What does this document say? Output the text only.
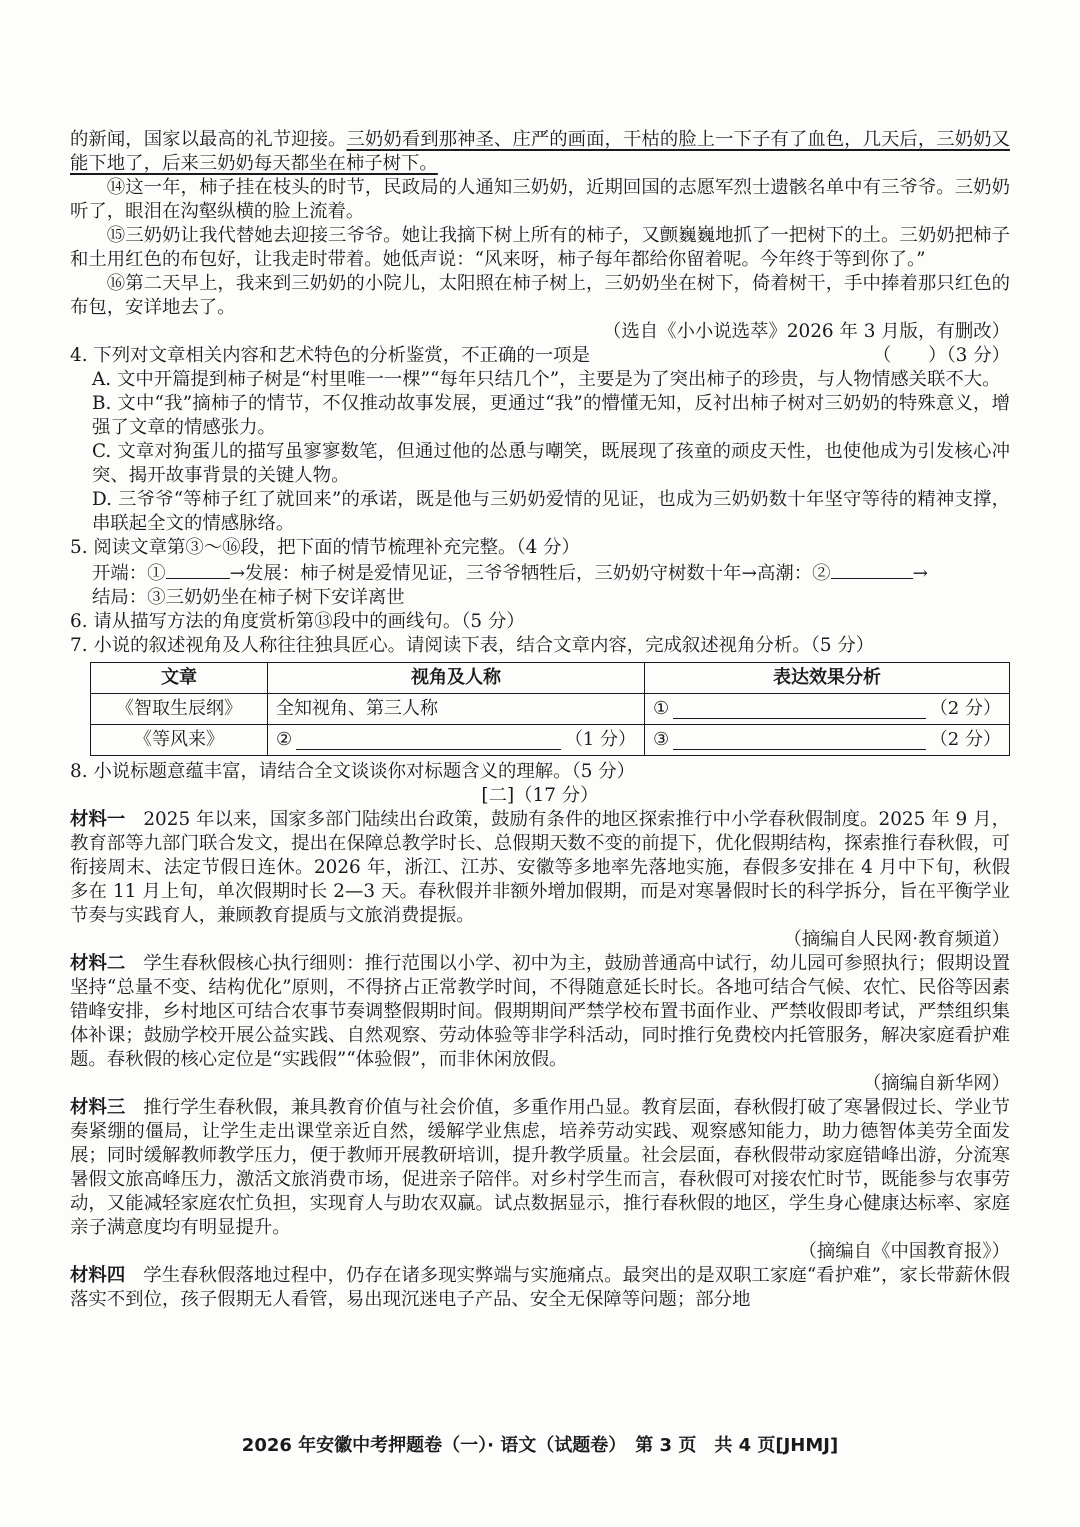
的新闻，国家以最高的礼节迎接。三奶奶看到那神圣、庄严的画面，干枯的脸上一下子有了血色，几天后，三奶奶又能下地了，后来三奶奶每天都坐在柿子树下。

⑭这一年，柿子挂在枝头的时节，民政局的人通知三奶奶，近期回国的志愿军烈士遗骸名单中有三爷爷。三奶奶听了，眼泪在沟壑纵横的脸上流着。

⑮三奶奶让我代替她去迎接三爷爷。她让我摘下树上所有的柿子，又颤巍巍地抓了一把树下的土。三奶奶把柿子和土用红色的布包好，让我走时带着。她低声说：“风来呀，柿子每年都给你留着呢。今年终于等到你了。”

⑯第二天早上，我来到三奶奶的小院儿，太阳照在柿子树上，三奶奶坐在树下，倚着树干，手中捧着那只红色的布包，安详地去了。

（选自《小小说选萃》2026 年 3 月版，有删改）

4. 下列对文章相关内容和艺术特色的分析鉴赏，不正确的一项是	（　　）（3 分）

A. 文中开篇提到柿子树是“村里唯一一棵”“每年只结几个”，主要是为了突出柿子的珍贵，与人物情感关联不大。

B. 文中“我”摘柿子的情节，不仅推动故事发展，更通过“我”的懵懂无知，反衬出柿子树对三奶奶的特殊意义，增强了文章的情感张力。

C. 文章对狗蛋儿的描写虽寥寥数笔，但通过他的怂恿与嘲笑，既展现了孩童的顽皮天性，也使他成为引发核心冲突、揭开故事背景的关键人物。

D. 三爷爷“等柿子红了就回来”的承诺，既是他与三奶奶爱情的见证，也成为三奶奶数十年坚守等待的精神支撑，串联起全文的情感脉络。

5. 阅读文章第③～⑯段，把下面的情节梳理补充完整。（4 分）

开端：①	→发展：柿子树是爱情见证，三爷爷牺牲后，三奶奶守树数十年→高潮：②	→

结局：③三奶奶坐在柿子树下安详离世

6. 请从描写方法的角度赏析第⑬段中的画线句。（5 分）

7. 小说的叙述视角及人称往往独具匠心。请阅读下表，结合文章内容，完成叙述视角分析。（5 分）

文章	视角及人称	表达效果分析
《智取生辰纲》	全知视角、第三人称	① （2 分）

《等风来》	② （1 分）	③ （2 分）

8. 小说标题意蕴丰富，请结合全文谈谈你对标题含义的理解。（5 分）

[二]（17 分）

材料一 2025 年以来，国家多部门陆续出台政策，鼓励有条件的地区探索推行中小学春秋假制度。2025 年 9 月，教育部等九部门联合发文，提出在保障总教学时长、总假期天数不变的前提下，优化假期结构，探索推行春秋假，可衔接周末、法定节假日连休。2026 年，浙江、江苏、安徽等多地率先落地实施，春假多安排在 4 月中下旬，秋假多在 11 月上旬，单次假期时长 2—3 天。春秋假并非额外增加假期，而是对寒暑假时长的科学拆分，旨在平衡学业节奏与实践育人，兼顾教育提质与文旅消费提振。

（摘编自人民网·教育频道）

材料二 学生春秋假核心执行细则：推行范围以小学、初中为主，鼓励普通高中试行，幼儿园可参照执行；假期设置坚持“总量不变、结构优化”原则，不得挤占正常教学时间，不得随意延长时长。各地可结合气候、农忙、民俗等因素错峰安排，乡村地区可结合农事节奏调整假期时间。假期期间严禁学校布置书面作业、严禁收假即考试，严禁组织集体补课；鼓励学校开展公益实践、自然观察、劳动体验等非学科活动，同时推行免费校内托管服务，解决家庭看护难题。春秋假的核心定位是“实践假”“体验假”，而非休闲放假。

（摘编自新华网）

材料三 推行学生春秋假，兼具教育价值与社会价值，多重作用凸显。教育层面，春秋假打破了寒暑假过长、学业节奏紧绷的僵局，让学生走出课堂亲近自然，缓解学业焦虑，培养劳动实践、观察感知能力，助力德智体美劳全面发展；同时缓解教师教学压力，便于教师开展教研培训，提升教学质量。社会层面，春秋假带动家庭错峰出游，分流寒暑假文旅高峰压力，激活文旅消费市场，促进亲子陪伴。对乡村学生而言，春秋假可对接农忙时节，既能参与农事劳动，又能减轻家庭农忙负担，实现育人与助农双赢。试点数据显示，推行春秋假的地区，学生身心健康达标率、家庭亲子满意度均有明显提升。

（摘编自《中国教育报》）

材料四 学生春秋假落地过程中，仍存在诸多现实弊端与实施痛点。最突出的是双职工家庭“看护难”，家长带薪休假落实不到位，孩子假期无人看管，易出现沉迷电子产品、安全无保障等问题；部分地

2026 年安徽中考押题卷（一）· 语文（试题卷）　第 3 页　共 4 页[JHMJ]
